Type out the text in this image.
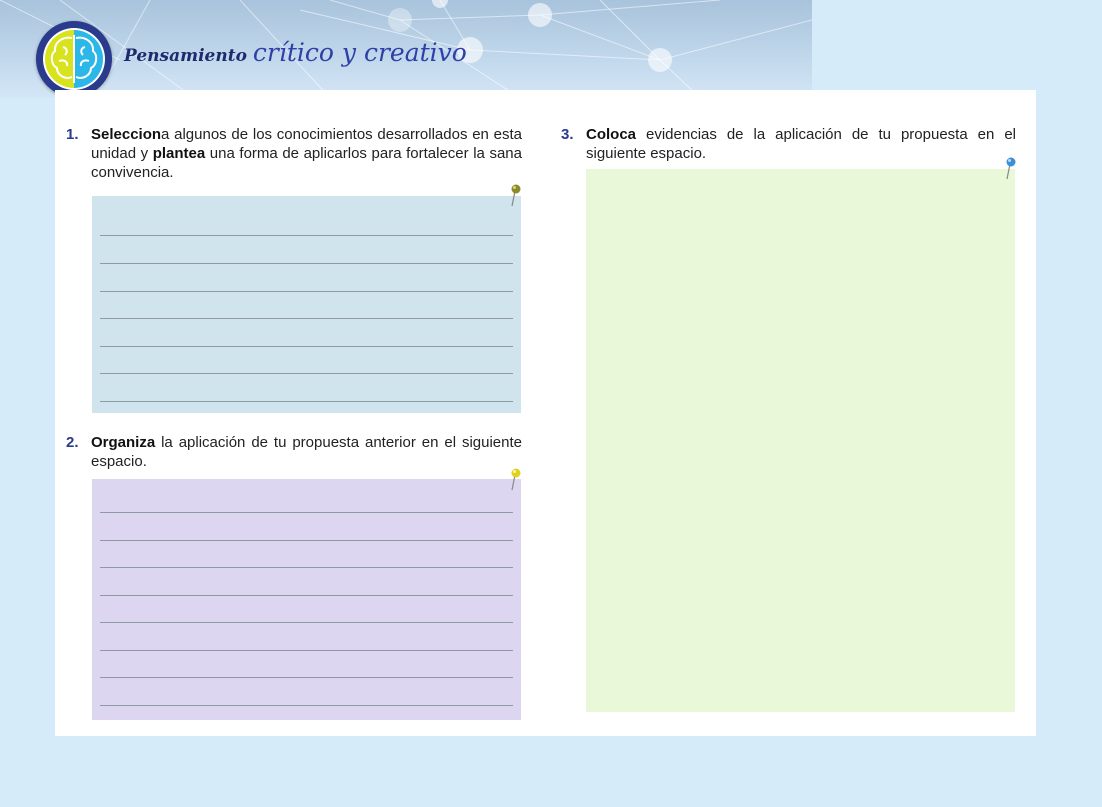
Pensamiento crítico y creativo
1. Selecciona algunos de los conocimientos desarrollados en esta unidad y plantea una forma de aplicarlos para fortalecer la sana convivencia.
2. Organiza la aplicación de tu propuesta anterior en el siguiente espacio.
3. Coloca evidencias de la aplicación de tu propuesta en el siguiente espacio.
